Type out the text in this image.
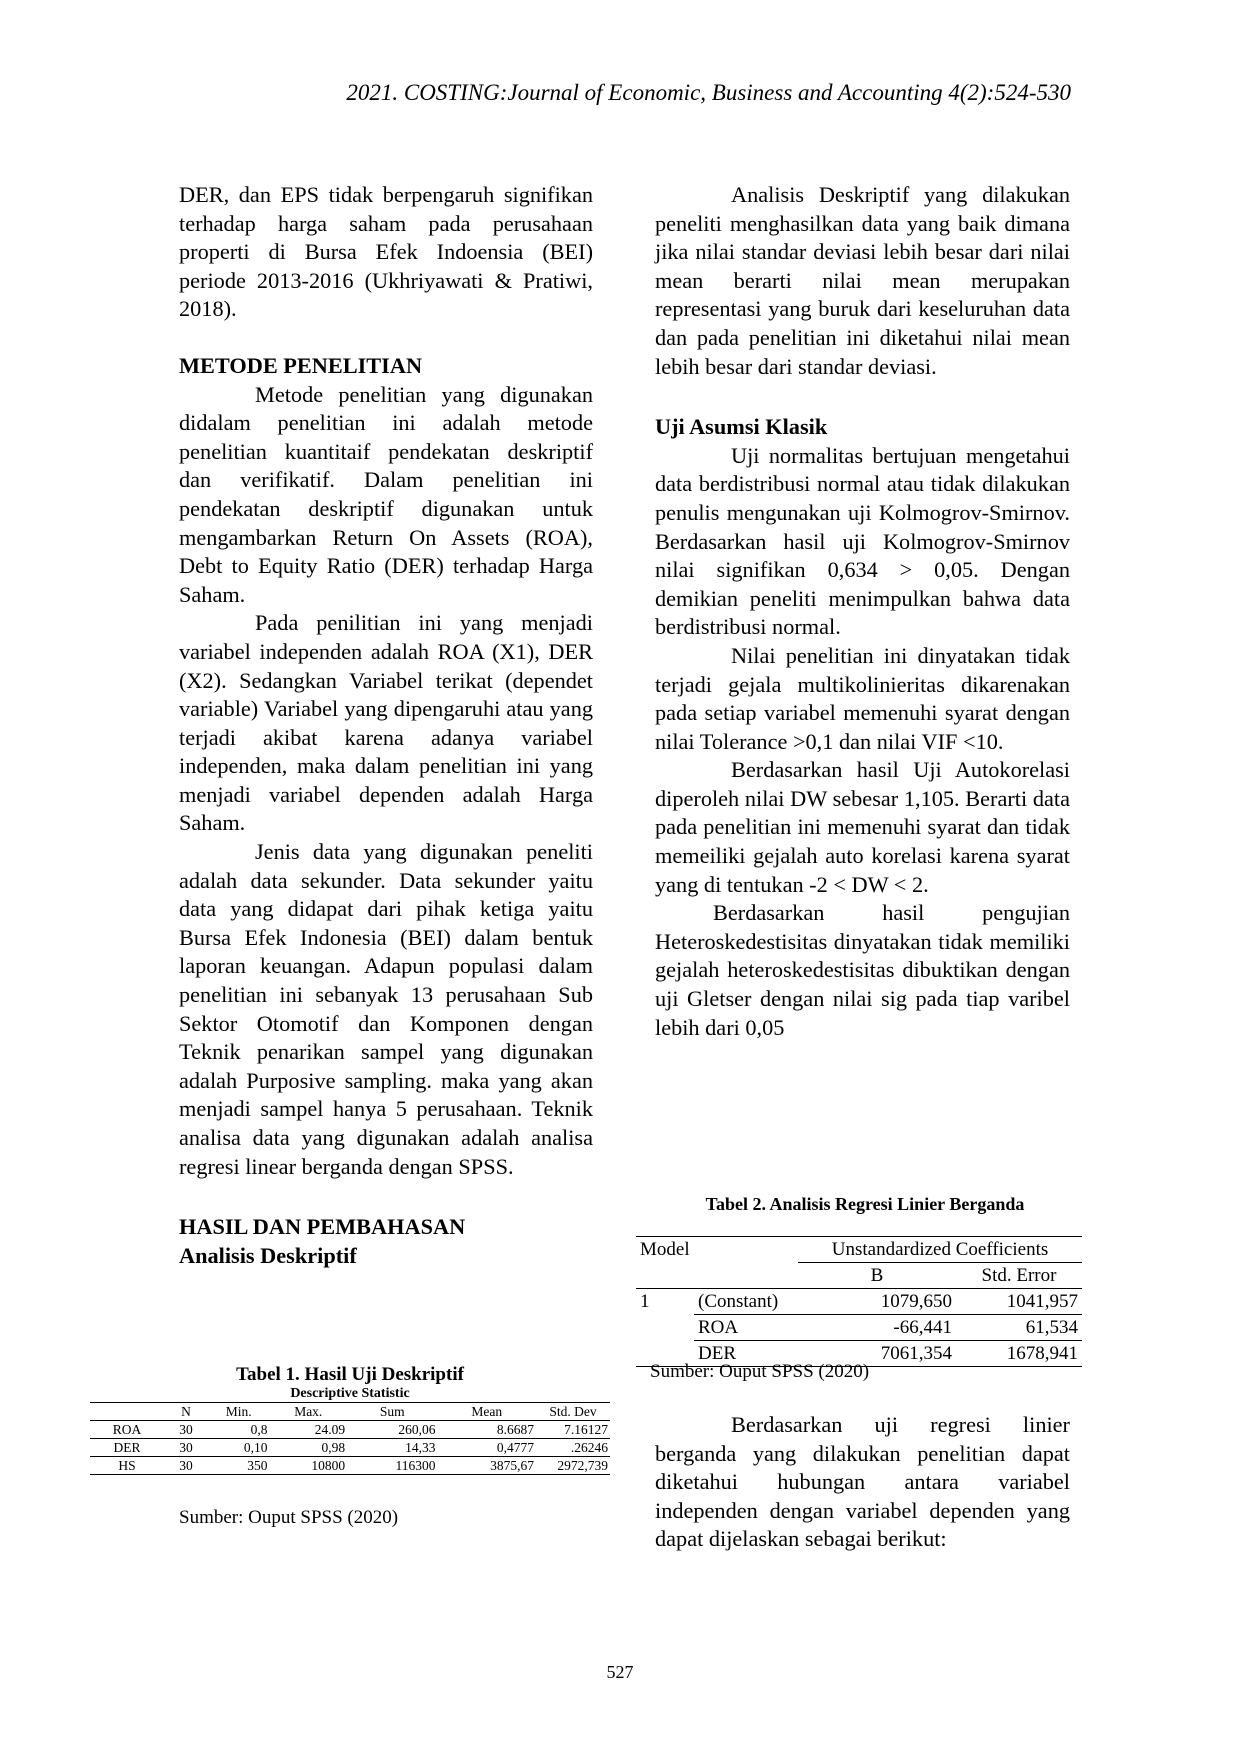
2021. COSTING:Journal of Economic, Business and Accounting 4(2):524-530

DER, dan EPS tidak berpengaruh signifikan terhadap harga saham pada perusahaan properti di Bursa Efek Indoensia (BEI) periode 2013-2016 (Ukhriyawati & Pratiwi, 2018).

METODE PENELITIAN

Metode penelitian yang digunakan didalam penelitian ini adalah metode penelitian kuantitaif pendekatan deskriptif dan verifikatif. Dalam penelitian ini pendekatan deskriptif digunakan untuk mengambarkan Return On Assets (ROA), Debt to Equity Ratio (DER) terhadap Harga Saham.

Pada penilitian ini yang menjadi variabel independen adalah ROA (X1), DER (X2). Sedangkan Variabel terikat (dependet variable) Variabel yang dipengaruhi atau yang terjadi akibat karena adanya variabel independen, maka dalam penelitian ini yang menjadi variabel dependen adalah Harga Saham.

Jenis data yang digunakan peneliti adalah data sekunder. Data sekunder yaitu data yang didapat dari pihak ketiga yaitu Bursa Efek Indonesia (BEI) dalam bentuk laporan keuangan. Adapun populasi dalam penelitian ini sebanyak 13 perusahaan Sub Sektor Otomotif dan Komponen dengan Teknik penarikan sampel yang digunakan adalah Purposive sampling. maka yang akan menjadi sampel hanya 5 perusahaan. Teknik analisa data yang digunakan adalah analisa regresi linear berganda dengan SPSS.

HASIL DAN PEMBAHASAN
Analisis Deskriptif
Tabel 1. Hasil Uji Deskriptif
Descriptive Statistic
	N	Min.	Max.	Sum	Mean	Std. Dev
ROA	30	0,8	24.09	260,06	8.6687	7.16127
DER	30	0,10	0,98	14,33	0,4777	.26246
HS	30	350	10800	116300	3875,67	2972,739
Sumber: Ouput SPSS (2020)

Analisis Deskriptif yang dilakukan peneliti menghasilkan data yang baik dimana jika nilai standar deviasi lebih besar dari nilai mean berarti nilai mean merupakan representasi yang buruk dari keseluruhan data dan pada penelitian ini diketahui nilai mean lebih besar dari standar deviasi.

Uji Asumsi Klasik

Uji normalitas bertujuan mengetahui data berdistribusi normal atau tidak dilakukan penulis mengunakan uji Kolmogrov-Smirnov. Berdasarkan hasil uji Kolmogrov-Smirnov nilai signifikan 0,634 > 0,05. Dengan demikian peneliti menimpulkan bahwa data berdistribusi normal.

Nilai penelitian ini dinyatakan tidak terjadi gejala multikolinieritas dikarenakan pada setiap variabel memenuhi syarat dengan nilai Tolerance >0,1 dan nilai VIF <10.

Berdasarkan hasil Uji Autokorelasi diperoleh nilai DW sebesar 1,105. Berarti data pada penelitian ini memenuhi syarat dan tidak memeiliki gejalah auto korelasi karena syarat yang di tentukan -2 < DW < 2.

Berdasarkan hasil pengujian Heteroskedestisitas dinyatakan tidak memiliki gejalah heteroskedestisitas dibuktikan dengan uji Gletser dengan nilai sig pada tiap varibel lebih dari 0,05

Tabel 2. Analisis Regresi Linier Berganda
Model		Unstandardized Coefficients	
		B	Std. Error
1	(Constant)	1079,650	1041,957
	ROA	-66,441	61,534
	DER	7061,354	1678,941
Sumber: Ouput SPSS (2020)

Berdasarkan uji regresi linier berganda yang dilakukan penelitian dapat diketahui hubungan antara variabel independen dengan variabel dependen yang dapat dijelaskan sebagai berikut:

527
